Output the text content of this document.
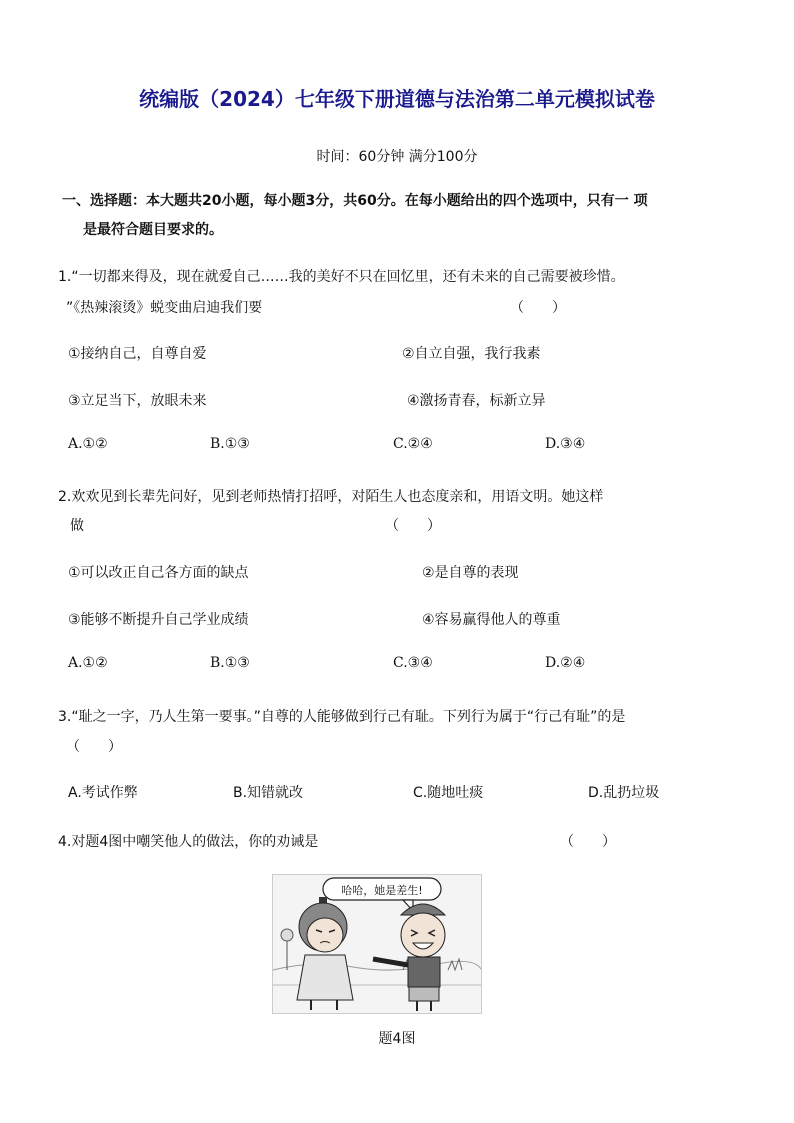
统编版（2024）七年级下册道德与法治第二单元模拟试卷
时间：60分钟 满分100分
一、选择题：本大题共20小题，每小题3分，共60分。在每小题给出的四个选项中，只有一 项
是最符合题目要求的。
1.“一切都来得及，现在就爱自己……我的美好不只在回忆里，还有未来的自己需要被珍惜。
”《热辣滚烫》蜕变曲启迪我们要	（　　）
①接纳自己，自尊自爱	②自立自强，我行我素
③立足当下，放眼未来	④激扬青春，标新立异
A.①②	B.①③	C.②④	D.③④
2.欢欢见到长辈先问好，见到老师热情打招呼，对陌生人也态度亲和，用语文明。她这样
做	（　　）
①可以改正自己各方面的缺点	②是自尊的表现
③能够不断提升自己学业成绩	④容易赢得他人的尊重
A.①②	B.①③	C.③④	D.②④
3.“耻之一字，乃人生第一要事。”自尊的人能够做到行己有耻。下列行为属于“行己有耻”的是
（　　）
A.考试作弊	B.知错就改	C.随地吐痰	D.乱扔垃圾
4.对题4图中嘲笑他人的做法，你的劝诫是	（　　）
哈哈，她是差生!
题4图
